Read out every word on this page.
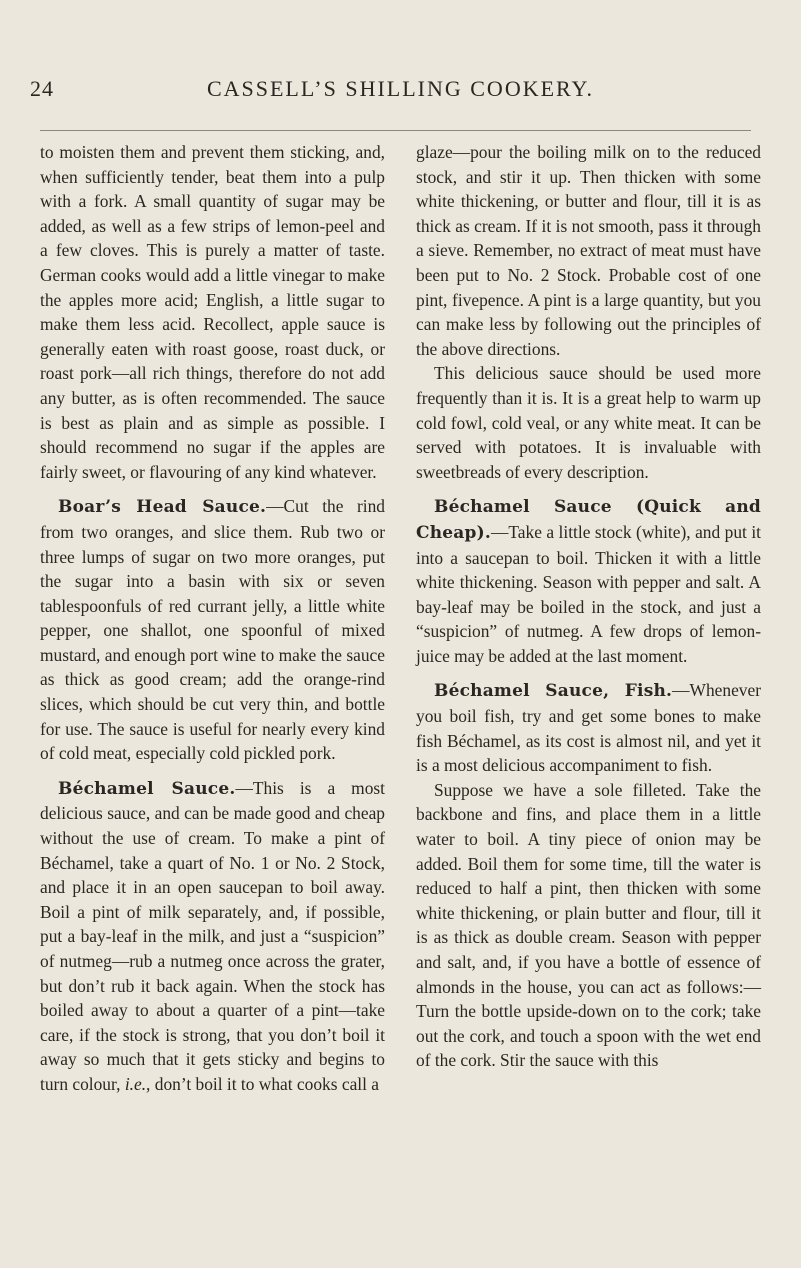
24	CASSELL’S SHILLING COOKERY.

to moisten them and prevent them sticking, and, when sufficiently tender, beat them into a pulp with a fork. A small quantity of sugar may be added, as well as a few strips of lemon-peel and a few cloves. This is purely a matter of taste. German cooks would add a little vinegar to make the apples more acid; English, a little sugar to make them less acid. Recollect, apple sauce is generally eaten with roast goose, roast duck, or roast pork—all rich things, therefore do not add any butter, as is often recommended. The sauce is best as plain and as simple as possible. I should recommend no sugar if the apples are fairly sweet, or flavouring of any kind whatever.

Boar’s Head Sauce.—Cut the rind from two oranges, and slice them. Rub two or three lumps of sugar on two more oranges, put the sugar into a basin with six or seven tablespoonfuls of red currant jelly, a little white pepper, one shallot, one spoonful of mixed mustard, and enough port wine to make the sauce as thick as good cream; add the orange-rind slices, which should be cut very thin, and bottle for use. The sauce is useful for nearly every kind of cold meat, especially cold pickled pork.

Béchamel Sauce.—This is a most delicious sauce, and can be made good and cheap without the use of cream. To make a pint of Béchamel, take a quart of No. 1 or No. 2 Stock, and place it in an open saucepan to boil away. Boil a pint of milk separately, and, if possible, put a bay-leaf in the milk, and just a “suspicion” of nutmeg—rub a nutmeg once across the grater, but don’t rub it back again. When the stock has boiled away to about a quarter of a pint—take care, if the stock is strong, that you don’t boil it away so much that it gets sticky and begins to turn colour, i.e., don’t boil it to what cooks call a

glaze—pour the boiling milk on to the reduced stock, and stir it up. Then thicken with some white thickening, or butter and flour, till it is as thick as cream. If it is not smooth, pass it through a sieve. Remember, no extract of meat must have been put to No. 2 Stock. Probable cost of one pint, fivepence. A pint is a large quantity, but you can make less by following out the principles of the above directions.

This delicious sauce should be used more frequently than it is. It is a great help to warm up cold fowl, cold veal, or any white meat. It can be served with potatoes. It is invaluable with sweetbreads of every description.

Béchamel Sauce (Quick and Cheap).—Take a little stock (white), and put it into a saucepan to boil. Thicken it with a little white thickening. Season with pepper and salt. A bay-leaf may be boiled in the stock, and just a “suspicion” of nutmeg. A few drops of lemon-juice may be added at the last moment.

Béchamel Sauce, Fish.—Whenever you boil fish, try and get some bones to make fish Béchamel, as its cost is almost nil, and yet it is a most delicious accompaniment to fish.

Suppose we have a sole filleted. Take the backbone and fins, and place them in a little water to boil. A tiny piece of onion may be added. Boil them for some time, till the water is reduced to half a pint, then thicken with some white thickening, or plain butter and flour, till it is as thick as double cream. Season with pepper and salt, and, if you have a bottle of essence of almonds in the house, you can act as follows:—Turn the bottle upside-down on to the cork; take out the cork, and touch a spoon with the wet end of the cork. Stir the sauce with this
